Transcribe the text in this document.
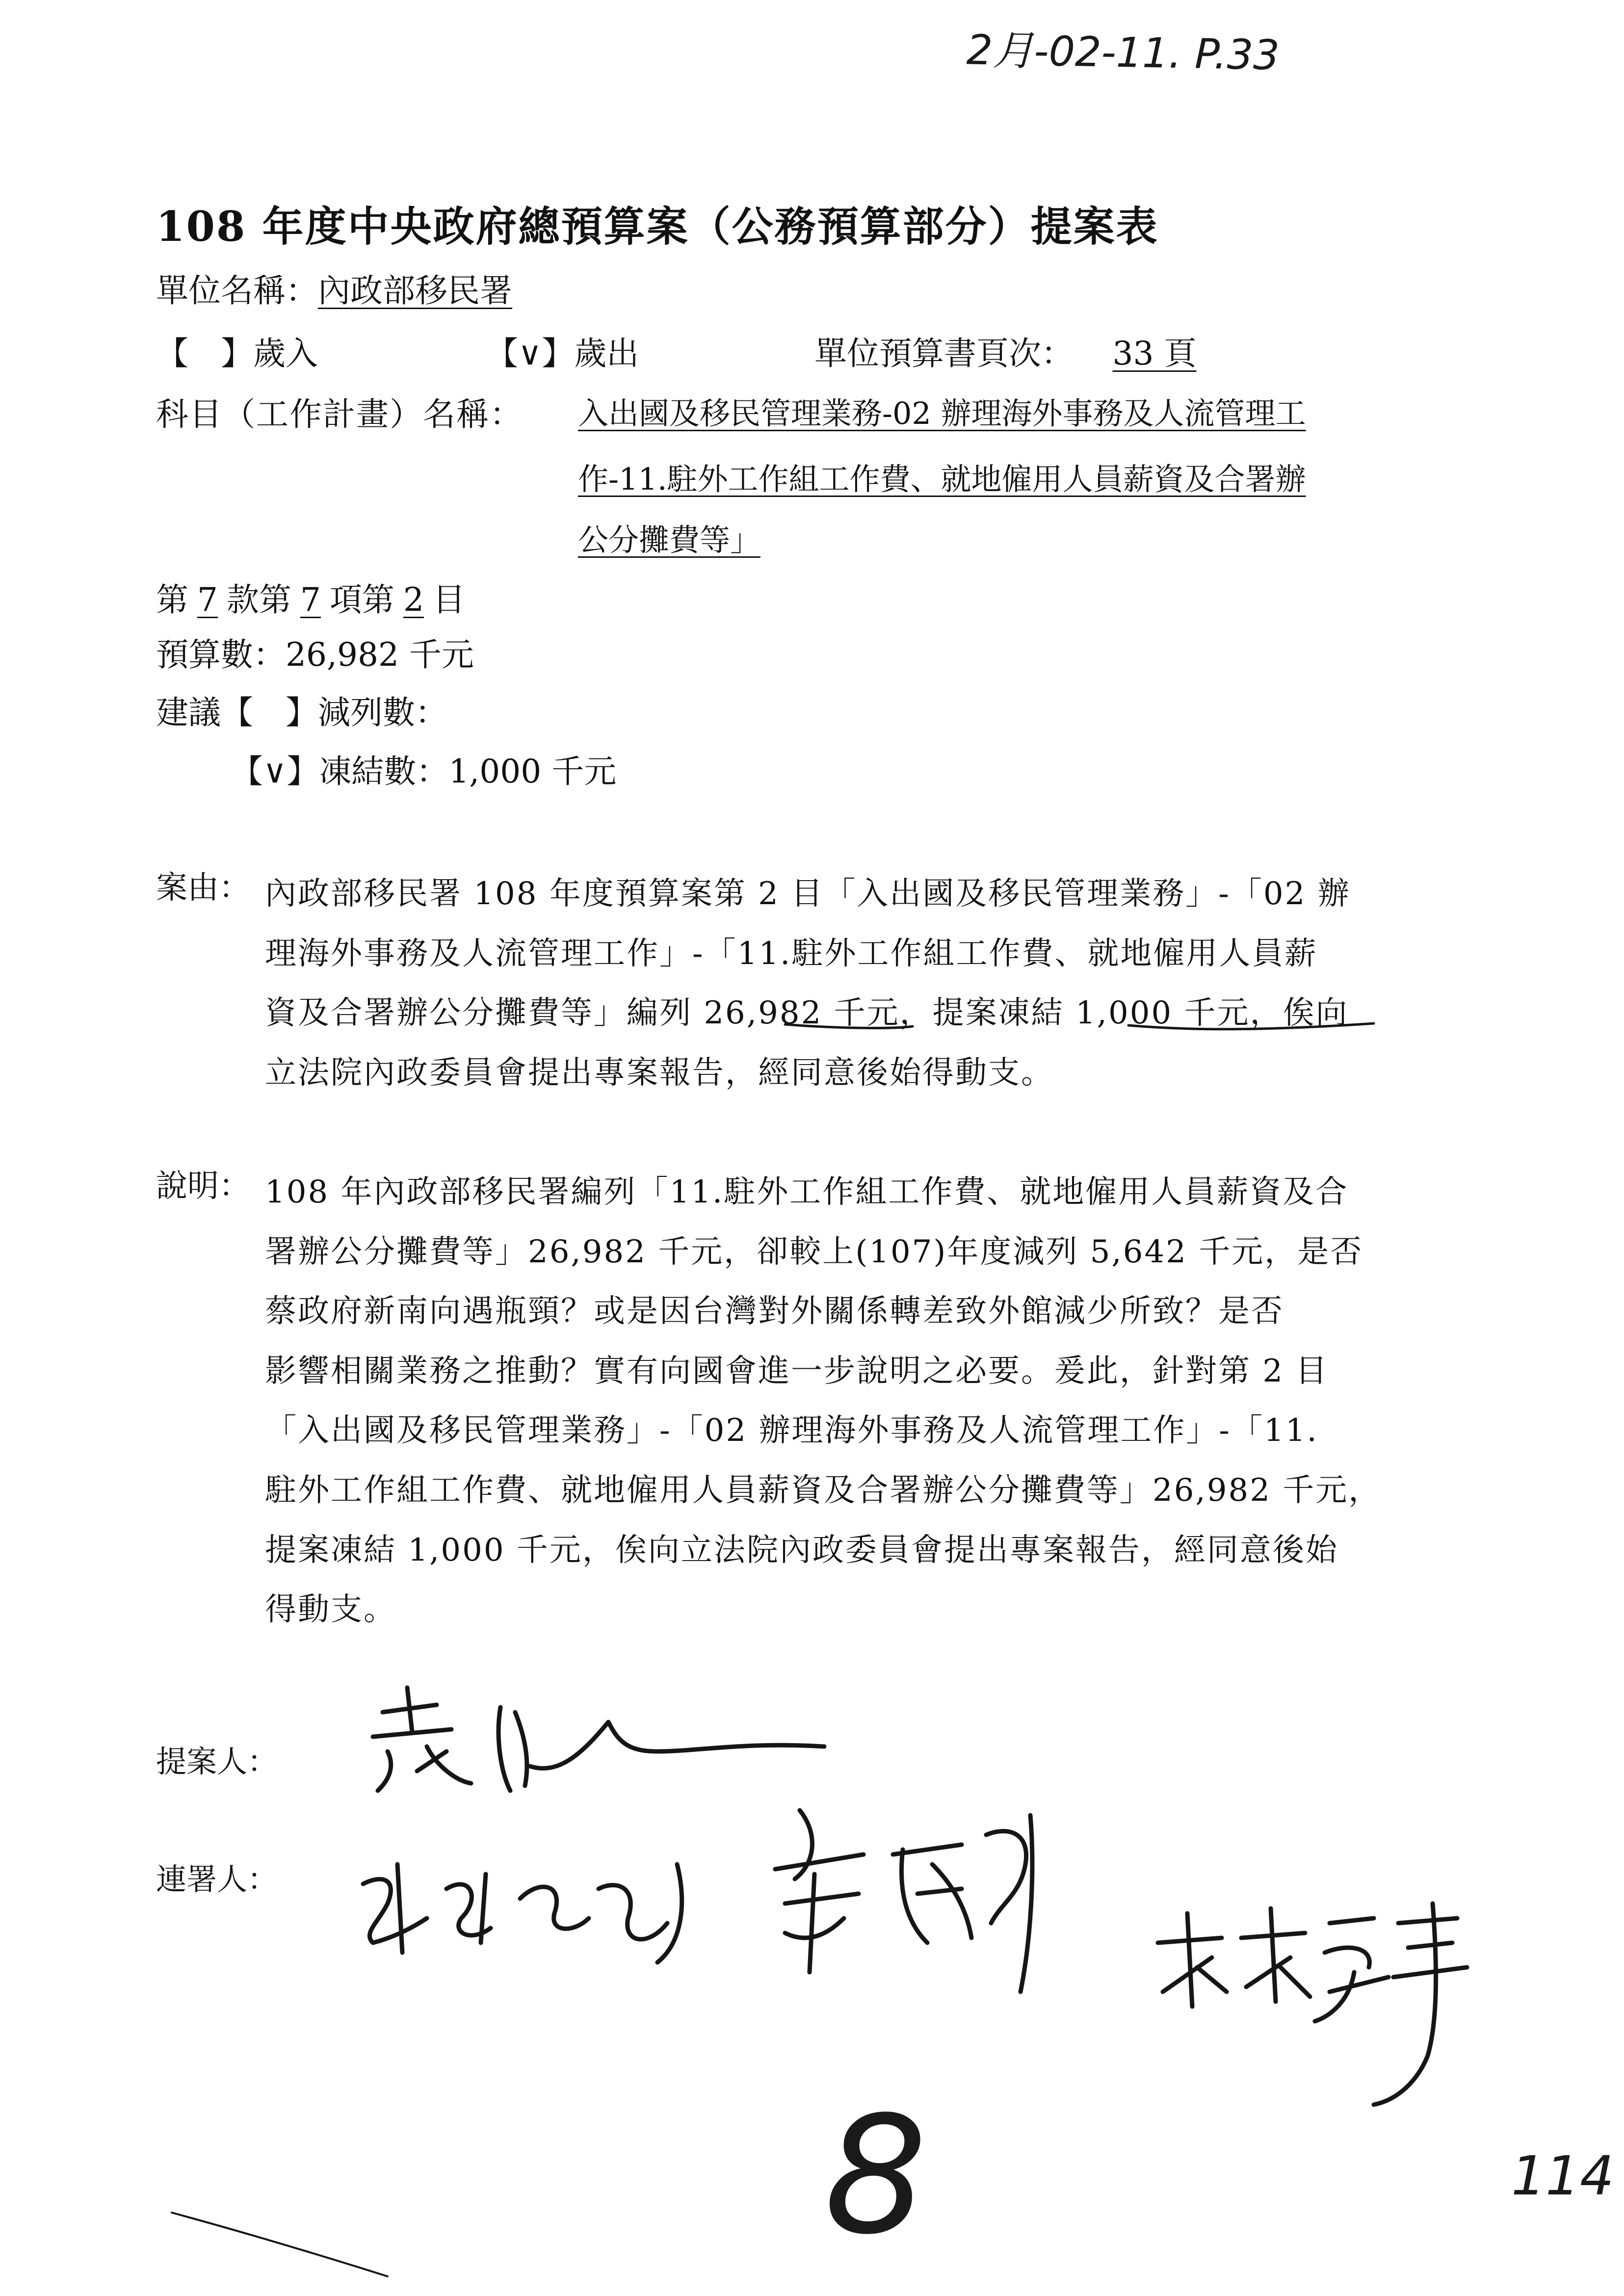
2月-02-11. P.33
108 年度中央政府總預算案（公務預算部分）提案表
單位名稱：內政部移民署
【　】歲入	【∨】歲出	單位預算書頁次： 33 頁
科目（工作計畫）名稱： 入出國及移民管理業務-02 辦理海外事務及人流管理工
作-11.駐外工作組工作費、就地僱用人員薪資及合署辦
公分攤費等」
第 7 款第 7 項第 2 目
預算數：26,982 千元
建議【　】減列數：
【∨】凍結數：1,000 千元
案由： 內政部移民署 108 年度預算案第 2 目「入出國及移民管理業務」-「02 辦
理海外事務及人流管理工作」-「11.駐外工作組工作費、就地僱用人員薪
資及合署辦公分攤費等」編列 26,982 千元，提案凍結 1,000 千元，俟向
立法院內政委員會提出專案報告，經同意後始得動支。
說明： 108 年內政部移民署編列「11.駐外工作組工作費、就地僱用人員薪資及合
署辦公分攤費等」26,982 千元，卻較上(107)年度減列 5,642 千元，是否
蔡政府新南向遇瓶頸？或是因台灣對外關係轉差致外館減少所致？是否
影響相關業務之推動？實有向國會進一步說明之必要。爰此，針對第 2 目
「入出國及移民管理業務」-「02 辦理海外事務及人流管理工作」-「11.
駐外工作組工作費、就地僱用人員薪資及合署辦公分攤費等」26,982 千元，
提案凍結 1,000 千元，俟向立法院內政委員會提出專案報告，經同意後始
得動支。
提案人：
連署人：
8	114
